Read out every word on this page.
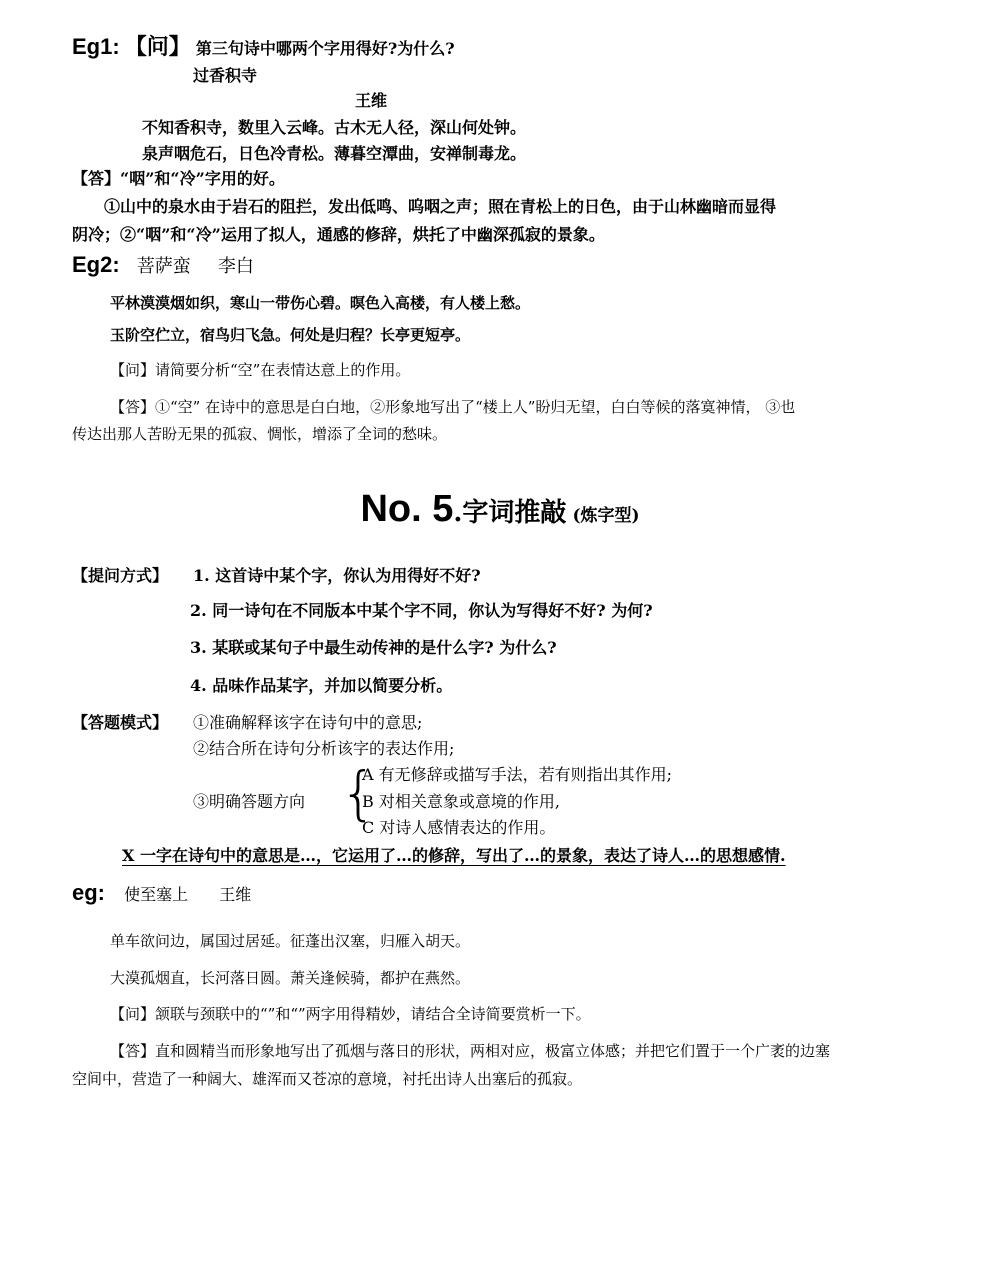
Eg1: 【问】 第三句诗中哪两个字用得好?为什么?
过香积寺
王维
不知香积寺，数里入云峰。古木无人径，深山何处钟。
泉声咽危石，日色冷青松。薄暮空潭曲，安禅制毒龙。
【答】“咽”和“冷”字用的好。
①山中的泉水由于岩石的阻拦，发出低鸣、呜咽之声；照在青松上的日色，由于山林幽暗而显得
阴冷；②“咽”和“冷”运用了拟人，通感的修辞，烘托了中幽深孤寂的景象。
Eg2: 菩萨蛮 李白
平林漠漠烟如织，寒山一带伤心碧。暝色入高楼，有人楼上愁。
玉阶空伫立，宿鸟归飞急。何处是归程？长亭更短亭。
【问】请简要分析“空”在表情达意上的作用。
【答】①“空” 在诗中的意思是白白地，②形象地写出了“楼上人”盼归无望，白白等候的落寞神情， ③也
传达出那人苦盼无果的孤寂、惆怅，增添了全词的愁味。
No. 5.字词推敲 (炼字型)
【提问方式】 1. 这首诗中某个字，你认为用得好不好?
2. 同一诗句在不同版本中某个字不同，你认为写得好不好? 为何?
3. 某联或某句子中最生动传神的是什么字? 为什么?
4. 品味作品某字，并加以简要分析。
【答题模式】 ①准确解释该字在诗句中的意思;
②结合所在诗句分析该字的表达作用;
③明确答题方向 {
A 有无修辞或描写手法，若有则指出其作用;
B 对相关意象或意境的作用,
C 对诗人感情表达的作用。
X 一字在诗句中的意思是…，它运用了…的修辞，写出了…的景象，表达了诗人…的思想感情.
eg: 使至塞上 王维
单车欲问边，属国过居延。征蓬出汉塞，归雁入胡天。
大漠孤烟直，长河落日圆。萧关逢候骑，都护在燕然。
【问】颔联与颈联中的“”和“”两字用得精妙，请结合全诗简要赏析一下。
【答】直和圆精当而形象地写出了孤烟与落日的形状，两相对应，极富立体感；并把它们置于一个广袤的边塞
空间中，营造了一种阔大、雄浑而又苍凉的意境，衬托出诗人出塞后的孤寂。
